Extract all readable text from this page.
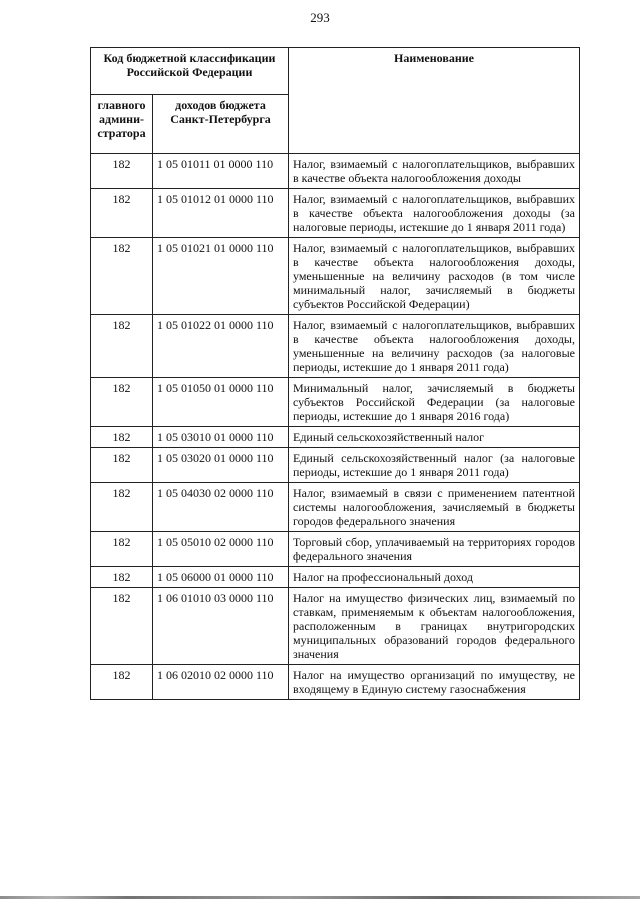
293
Код бюджетной классификации Российской Федерации		Наименование
главного админи-стратора	доходов бюджета Санкт-Петербурга	
182	1 05 01011 01 0000 110	Налог, взимаемый с налогоплательщиков, выбравших в качестве объекта налогообложения доходы
182	1 05 01012 01 0000 110	Налог, взимаемый с налогоплательщиков, выбравших в качестве объекта налогообложения доходы (за налоговые периоды, истекшие до 1 января 2011 года)
182	1 05 01021 01 0000 110	Налог, взимаемый с налогоплательщиков, выбравших в качестве объекта налогообложения доходы, уменьшенные на величину расходов (в том числе минимальный налог, зачисляемый в бюджеты субъектов Российской Федерации)
182	1 05 01022 01 0000 110	Налог, взимаемый с налогоплательщиков, выбравших в качестве объекта налогообложения доходы, уменьшенные на величину расходов (за налоговые периоды, истекшие до 1 января 2011 года)
182	1 05 01050 01 0000 110	Минимальный налог, зачисляемый в бюджеты субъектов Российской Федерации (за налоговые периоды, истекшие до 1 января 2016 года)
182	1 05 03010 01 0000 110	Единый сельскохозяйственный налог
182	1 05 03020 01 0000 110	Единый сельскохозяйственный налог (за налоговые периоды, истекшие до 1 января 2011 года)
182	1 05 04030 02 0000 110	Налог, взимаемый в связи с применением патентной системы налогообложения, зачисляемый в бюджеты городов федерального значения
182	1 05 05010 02 0000 110	Торговый сбор, уплачиваемый на территориях городов федерального значения
182	1 05 06000 01 0000 110	Налог на профессиональный доход
182	1 06 01010 03 0000 110	Налог на имущество физических лиц, взимаемый по ставкам, применяемым к объектам налогообложения, расположенным в границах внутригородских муниципальных образований городов федерального значения
182	1 06 02010 02 0000 110	Налог на имущество организаций по имуществу, не входящему в Единую систему газоснабжения
